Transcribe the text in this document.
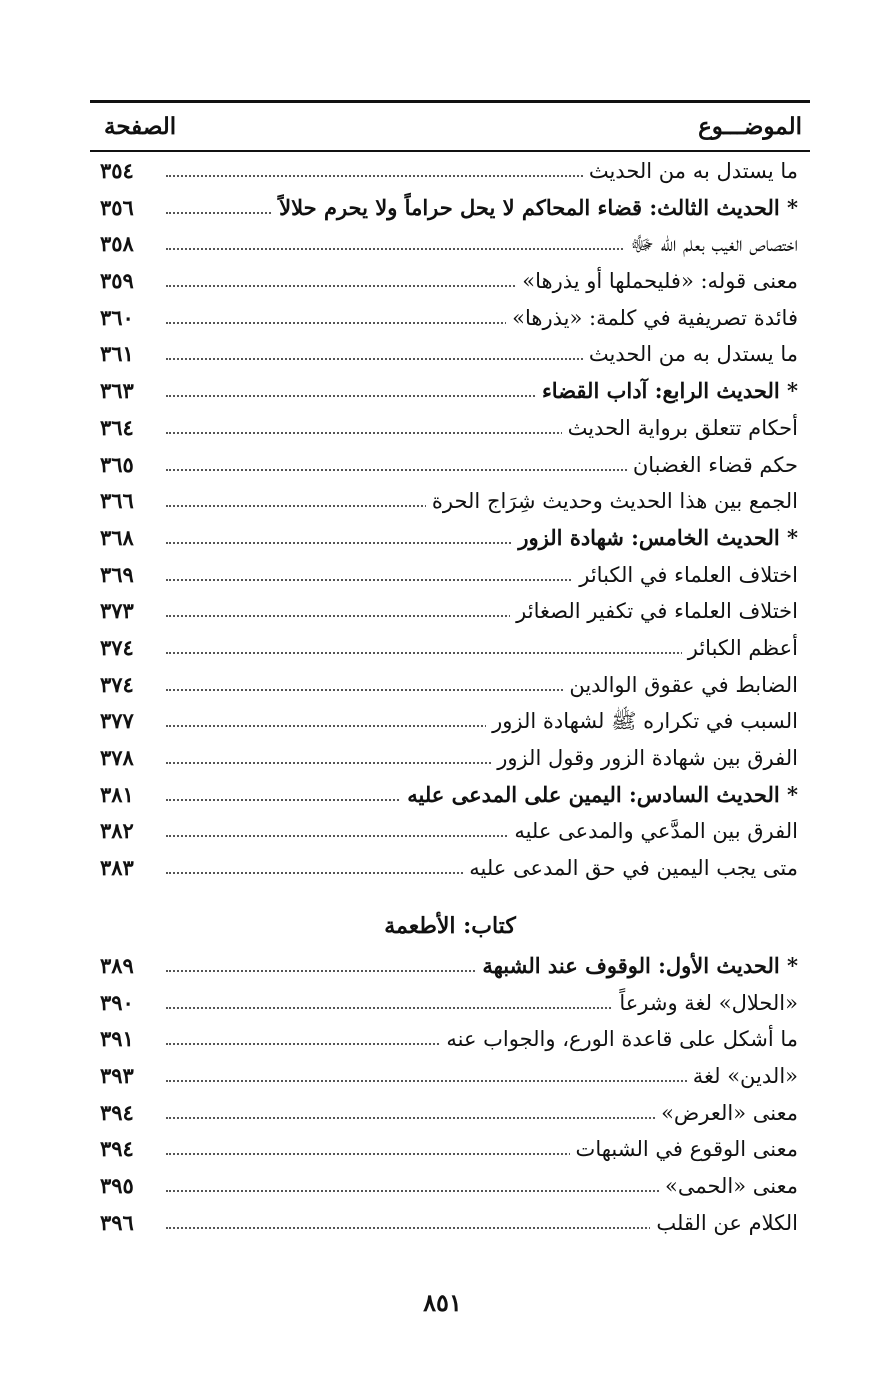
الموضـــوع
الصفحة
ما يستدل به من الحديث
٣٥٤
* الحديث الثالث: قضاء المحاكم لا يحل حراماً ولا يحرم حلالاً
٣٥٦
اختصاص الغيب بعلم الله ﷻ
٣٥٨
معنى قوله: «فليحملها أو يذرها»
٣٥٩
فائدة تصريفية في كلمة: «يذرها»
٣٦٠
ما يستدل به من الحديث
٣٦١
* الحديث الرابع: آداب القضاء
٣٦٣
أحكام تتعلق برواية الحديث
٣٦٤
حكم قضاء الغضبان
٣٦٥
الجمع بين هذا الحديث وحديث شِرَاج الحرة
٣٦٦
* الحديث الخامس: شهادة الزور
٣٦٨
اختلاف العلماء في الكبائر
٣٦٩
اختلاف العلماء في تكفير الصغائر
٣٧٣
أعظم الكبائر
٣٧٤
الضابط في عقوق الوالدين
٣٧٤
السبب في تكراره ﷺ لشهادة الزور
٣٧٧
الفرق بين شهادة الزور وقول الزور
٣٧٨
* الحديث السادس: اليمين على المدعى عليه
٣٨١
الفرق بين المدَّعي والمدعى عليه
٣٨٢
متى يجب اليمين في حق المدعى عليه
٣٨٣
كتاب: الأطعمة
* الحديث الأول: الوقوف عند الشبهة
٣٨٩
«الحلال» لغة وشرعاً
٣٩٠
ما أشكل على قاعدة الورع، والجواب عنه
٣٩١
«الدين» لغة
٣٩٣
معنى «العرض»
٣٩٤
معنى الوقوع في الشبهات
٣٩٤
معنى «الحمى»
٣٩٥
الكلام عن القلب
٣٩٦
٨٥١
